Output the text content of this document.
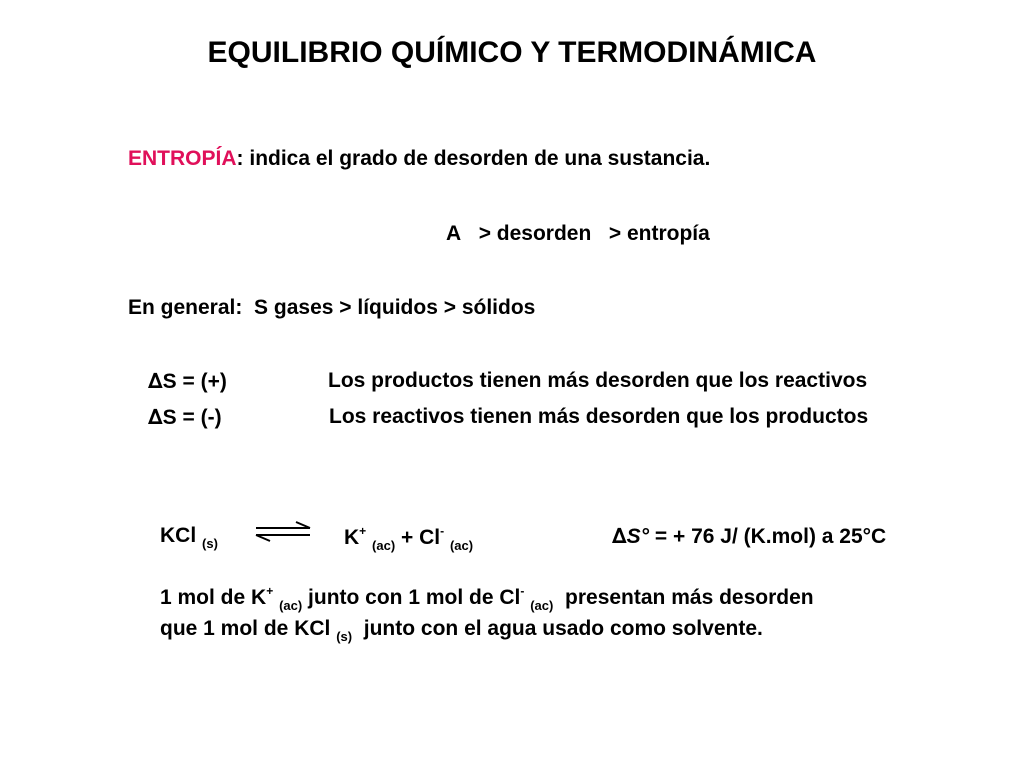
EQUILIBRIO QUÍMICO Y TERMODINÁMICA
ENTROPÍA: indica el grado de desorden de una sustancia.
A > desorden > entropía
En general: S gases > líquidos > sólidos
∆S = (+)	Los productos tienen más desorden que los reactivos
∆S = (-)	Los reactivos tienen más desorden que los productos
KCl $_{(s)}$	K+ $_{(ac)}$ + Cl- $_{(ac)}$	∆S° = + 76 J/ (K.mol) a 25°C
1 mol de K+ $_{(ac)}$ junto con 1 mol de Cl- $_{(ac)}$ presentan más desorden
que 1 mol de KCl $_{(s)}$ junto con el agua usado como solvente.
